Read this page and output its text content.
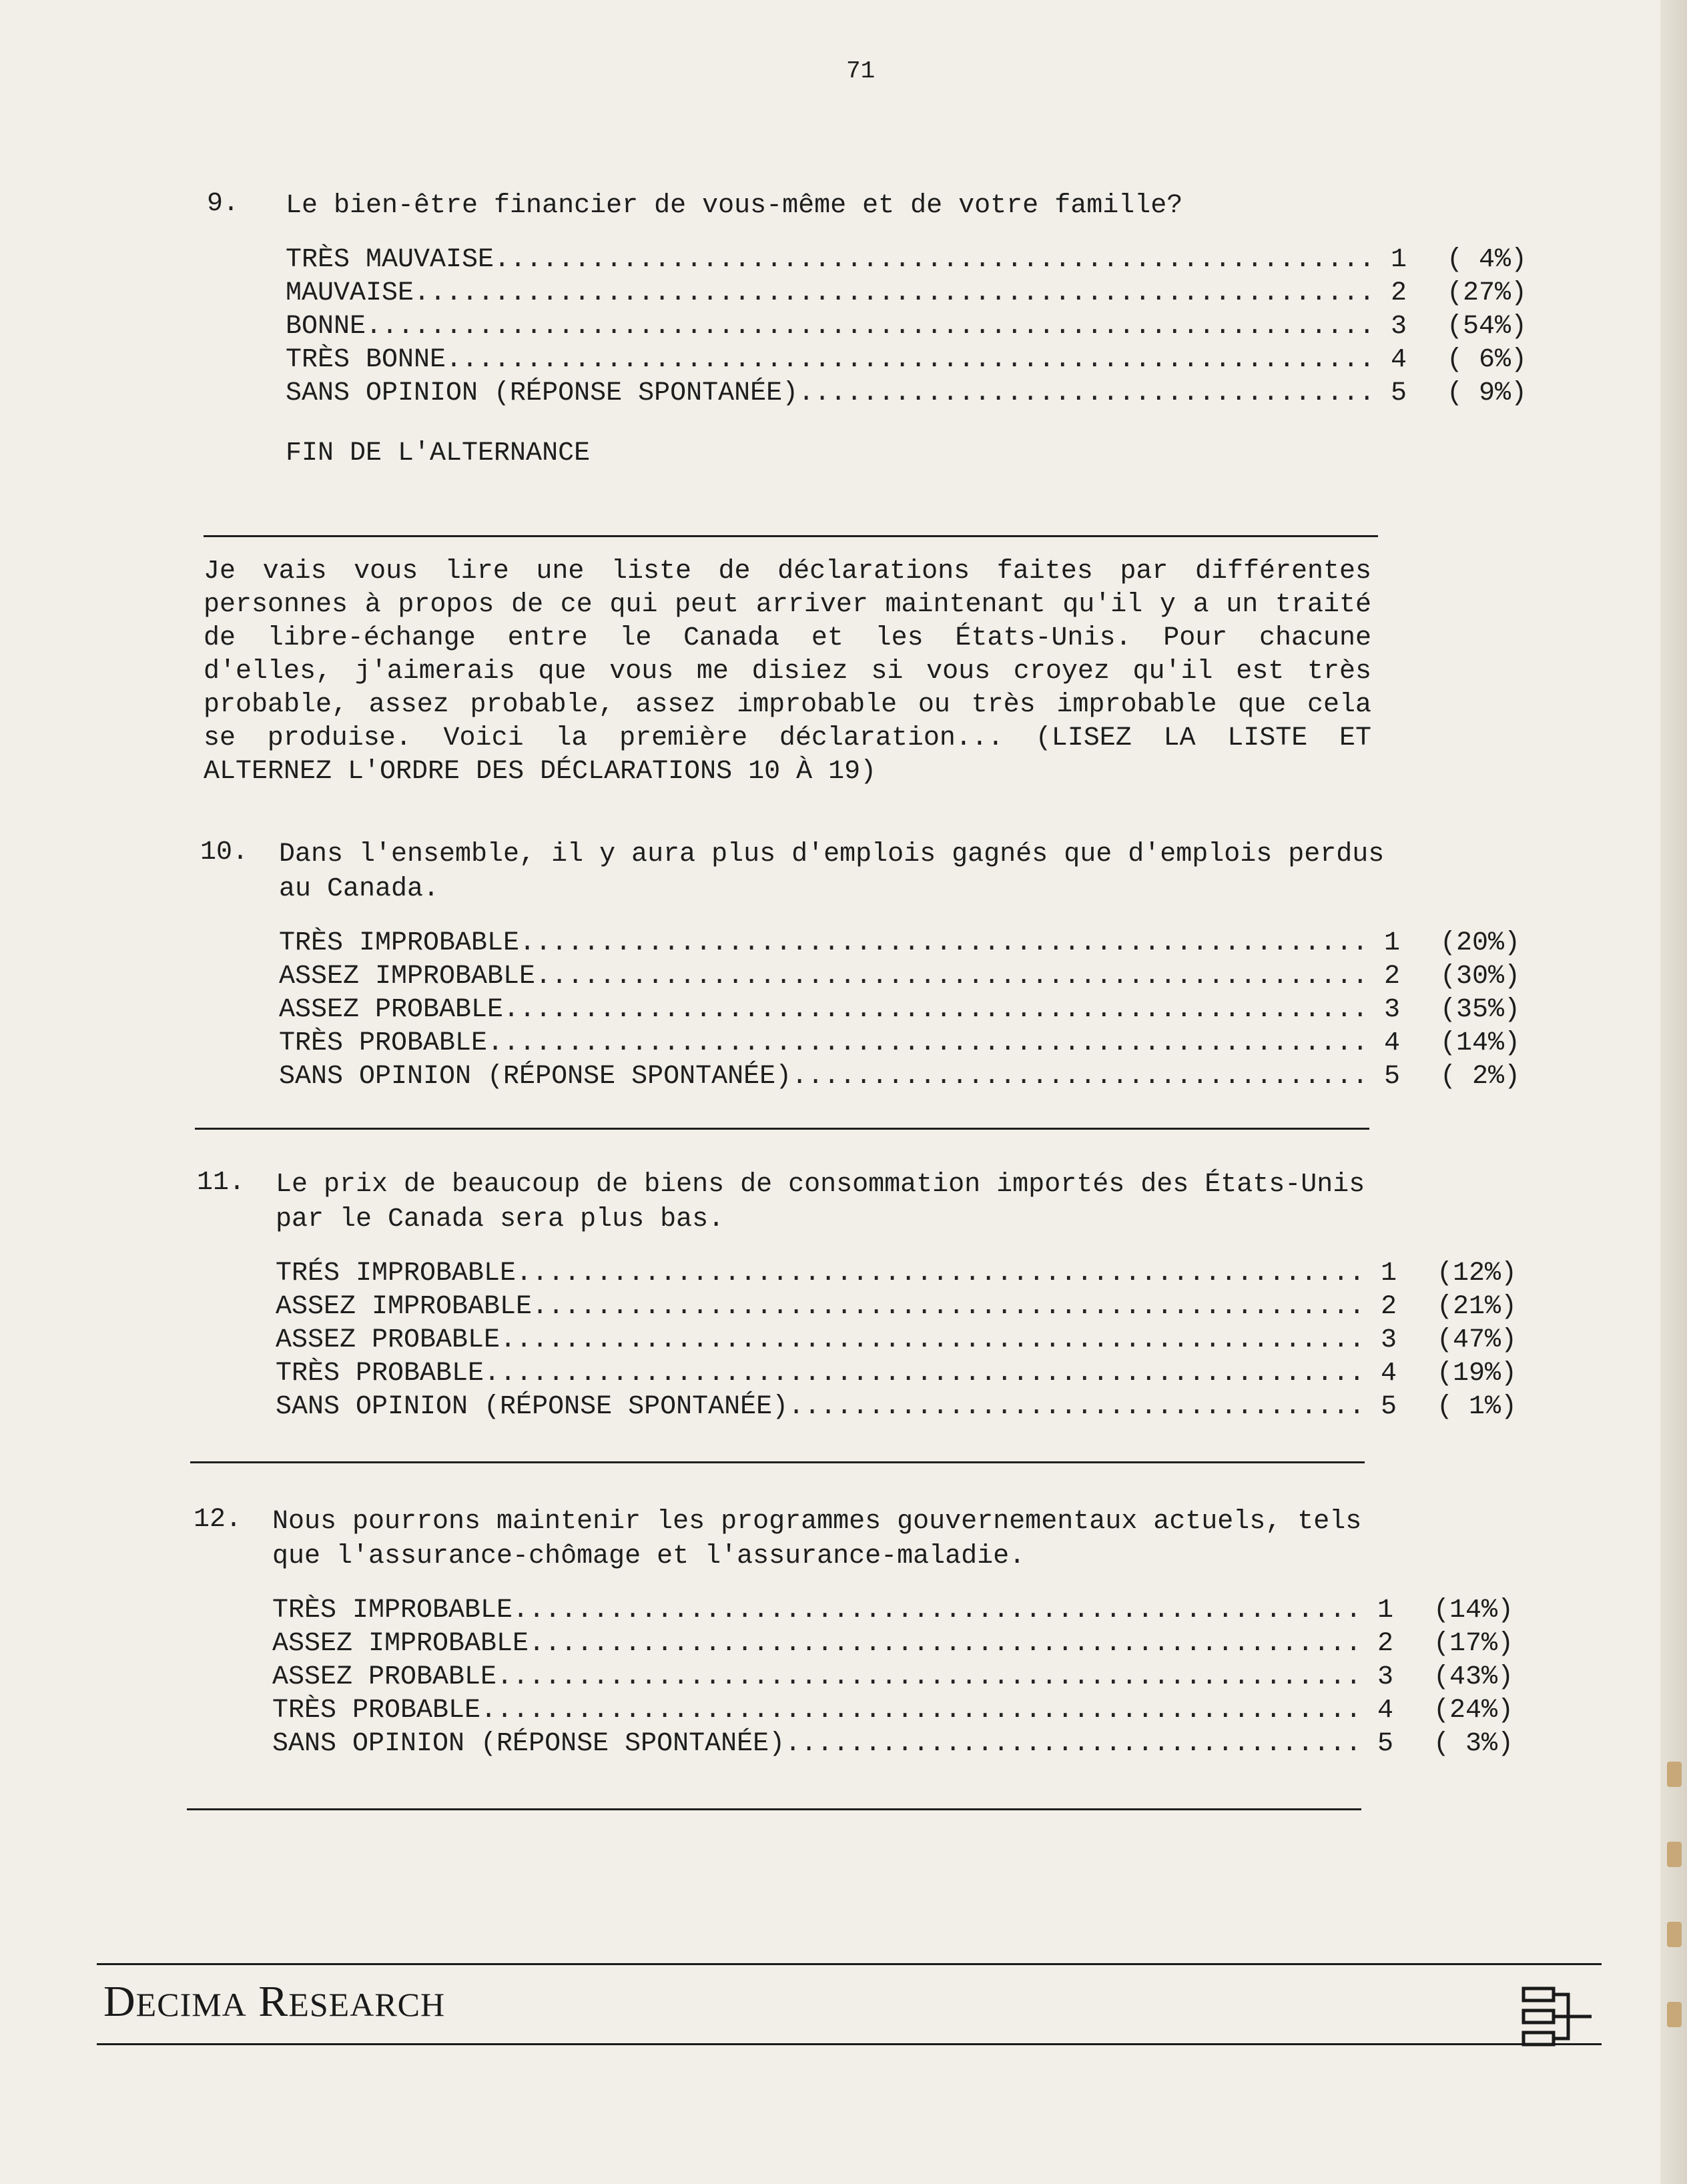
71
9.	Le bien-être financier de vous-même et de votre famille?
TRÈS MAUVAISE .....	1	( 4%)
MAUVAISE .....	2	(27%)
BONNE .....	3	(54%)
TRÈS BONNE .....	4	( 6%)
SANS OPINION (RÉPONSE SPONTANÉE) .....	5	( 9%)
FIN DE L'ALTERNANCE
Je vais vous lire une liste de déclarations faites par différentes personnes à propos de ce qui peut arriver maintenant qu'il y a un traité de libre-échange entre le Canada et les États-Unis. Pour chacune d'elles, j'aimerais que vous me disiez si vous croyez qu'il est très probable, assez probable, assez improbable ou très improbable que cela se produise. Voici la première déclaration... (LISEZ LA LISTE ET ALTERNEZ L'ORDRE DES DÉCLARATIONS 10 À 19)
10.	Dans l'ensemble, il y aura plus d'emplois gagnés que d'emplois perdus au Canada.
TRÈS IMPROBABLE .....	1	(20%)
ASSEZ IMPROBABLE .....	2	(30%)
ASSEZ PROBABLE .....	3	(35%)
TRÈS PROBABLE .....	4	(14%)
SANS OPINION (RÉPONSE SPONTANÉE) .....	5	( 2%)
11.	Le prix de beaucoup de biens de consommation importés des États-Unis par le Canada sera plus bas.
TRÉS IMPROBABLE .....	1	(12%)
ASSEZ IMPROBABLE .....	2	(21%)
ASSEZ PROBABLE .....	3	(47%)
TRÈS PROBABLE .....	4	(19%)
SANS OPINION (RÉPONSE SPONTANÉE) .....	5	( 1%)
12.	Nous pourrons maintenir les programmes gouvernementaux actuels, tels que l'assurance-chômage et l'assurance-maladie.
TRÈS IMPROBABLE .....	1	(14%)
ASSEZ IMPROBABLE .....	2	(17%)
ASSEZ PROBABLE .....	3	(43%)
TRÈS PROBABLE .....	4	(24%)
SANS OPINION (RÉPONSE SPONTANÉE) .....	5	( 3%)
DECIMA RESEARCH
